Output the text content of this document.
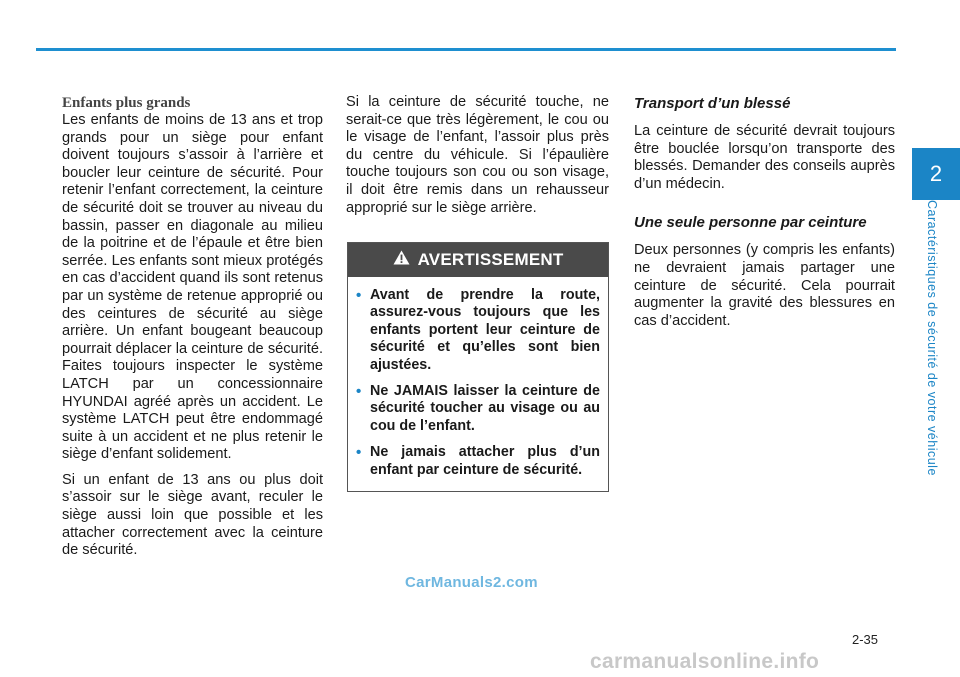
2
Caractéristiques de sécurité de votre véhicule
Enfants plus grands

Les enfants de moins de 13 ans et trop grands pour un siège pour enfant doivent toujours s’assoir à l’arrière et boucler leur ceinture de sécurité. Pour retenir l’enfant correctement, la ceinture de sécurité doit se trouver au niveau du bassin, passer en diagonale au milieu de la poitrine et de l’épaule et être bien serrée. Les enfants sont mieux protégés en cas d’accident quand ils sont retenus par un système de retenue approprié ou des ceintures de sécurité au siège arrière. Un enfant bougeant beaucoup pourrait déplacer la ceinture de sécurité. Faites toujours inspecter le système LATCH par un concessionnaire HYUNDAI agréé après un accident. Le système LATCH peut être endommagé suite à un accident et ne plus retenir le siège d’enfant solidement.

Si un enfant de 13 ans ou plus doit s’assoir sur le siège avant, reculer le siège aussi loin que possible et les attacher correctement avec la ceinture de sécurité.

Si la ceinture de sécurité touche, ne serait-ce que très légèrement, le cou ou le visage de l’enfant, l’assoir plus près du centre du véhicule. Si l’épaulière touche toujours son cou ou son visage, il doit être remis dans un rehausseur approprié sur le siège arrière.

AVERTISSEMENT
• Avant de prendre la route, assurez-vous toujours que les enfants portent leur ceinture de sécurité et qu’elles sont bien ajustées.
• Ne JAMAIS laisser la ceinture de sécurité toucher au visage ou au cou de l’enfant.
• Ne jamais attacher plus d’un enfant par ceinture de sécurité.
Transport d’un blessé

La ceinture de sécurité devrait toujours être bouclée lorsqu’on transporte des blessés. Demander des conseils auprès d’un médecin.

Une seule personne par ceinture

Deux personnes (y compris les enfants) ne devraient jamais partager une ceinture de sécurité. Cela pourrait augmenter la gravité des blessures en cas d’accident.

2-35
CarManuals2.com
carmanualsonline.info
